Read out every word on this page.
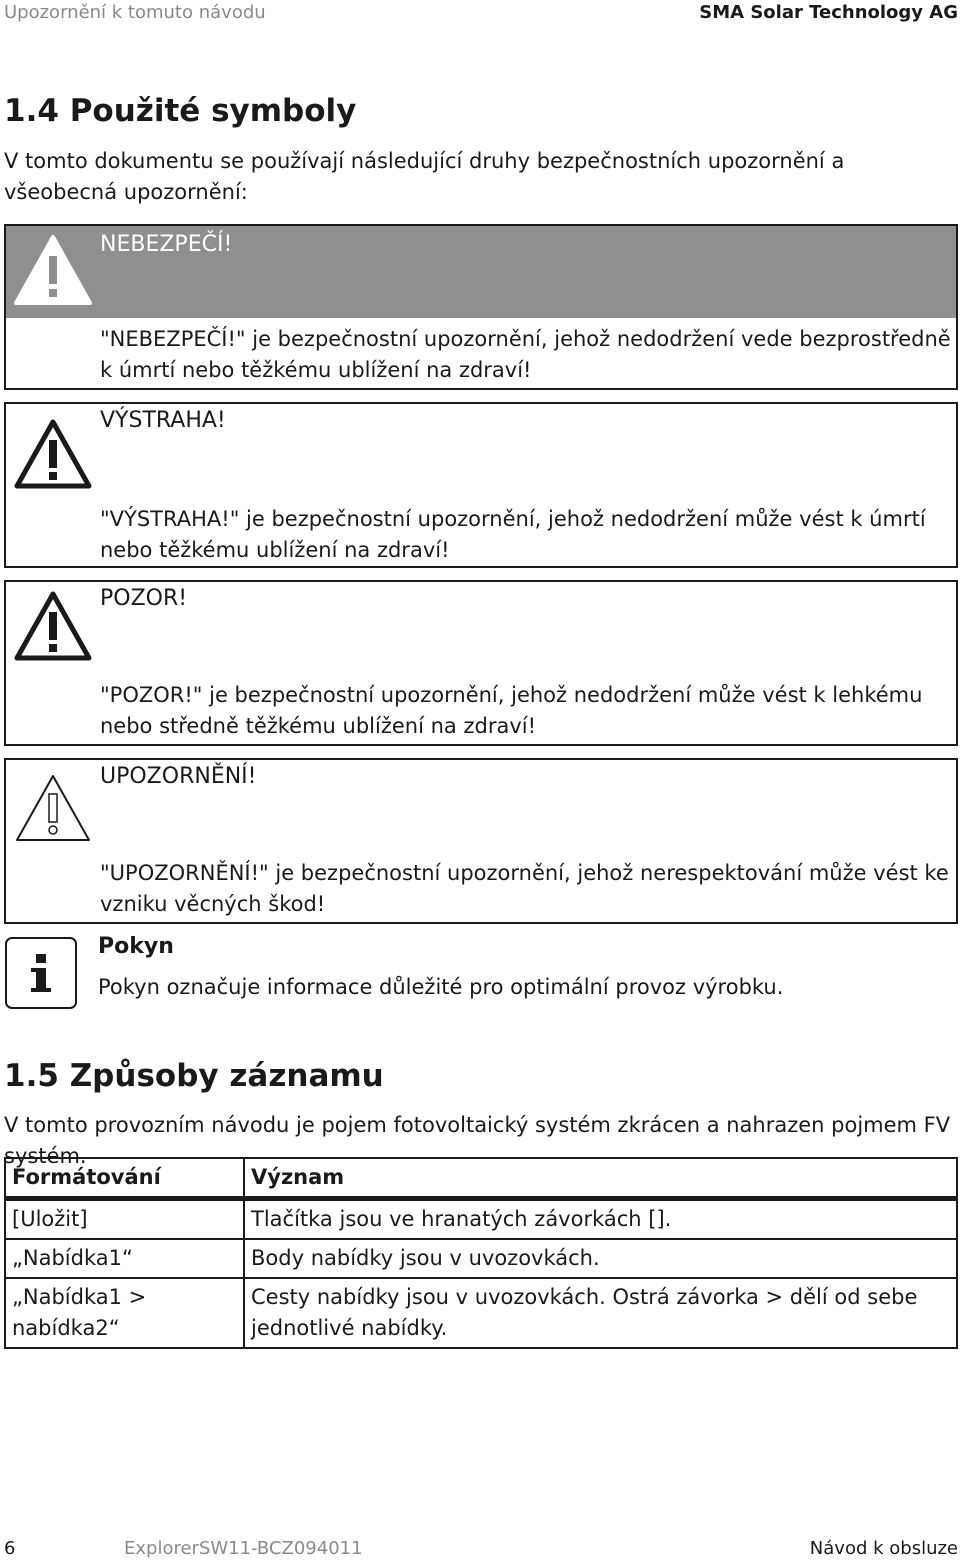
Upozornění k tomuto návodu	SMA Solar Technology AG
1.4 Použité symboly
V tomto dokumentu se používají následující druhy bezpečnostních upozornění a všeobecná upozornění:
NEBEZPEČÍ!
"NEBEZPEČÍ!" je bezpečnostní upozornění, jehož nedodržení vede bezprostředně k úmrtí nebo těžkému ublížení na zdraví!
VÝSTRAHA!
"VÝSTRAHA!" je bezpečnostní upozornění, jehož nedodržení může vést k úmrtí nebo těžkému ublížení na zdraví!
POZOR!
"POZOR!" je bezpečnostní upozornění, jehož nedodržení může vést k lehkému nebo středně těžkému ublížení na zdraví!
UPOZORNĚNÍ!
"UPOZORNĚNÍ!" je bezpečnostní upozornění, jehož nerespektování může vést ke vzniku věcných škod!
Pokyn
Pokyn označuje informace důležité pro optimální provoz výrobku.
1.5 Způsoby záznamu
V tomto provozním návodu je pojem fotovoltaický systém zkrácen a nahrazen pojmem FV systém.
Formátování	Význam
[Uložit]	Tlačítka jsou ve hranatých závorkách [].
„Nabídka1“	Body nabídky jsou v uvozovkách.
„Nabídka1 > nabídka2“	Cesty nabídky jsou v uvozovkách. Ostrá závorka > dělí od sebe jednotlivé nabídky.
6	ExplorerSW11-BCZ094011	Návod k obsluze
